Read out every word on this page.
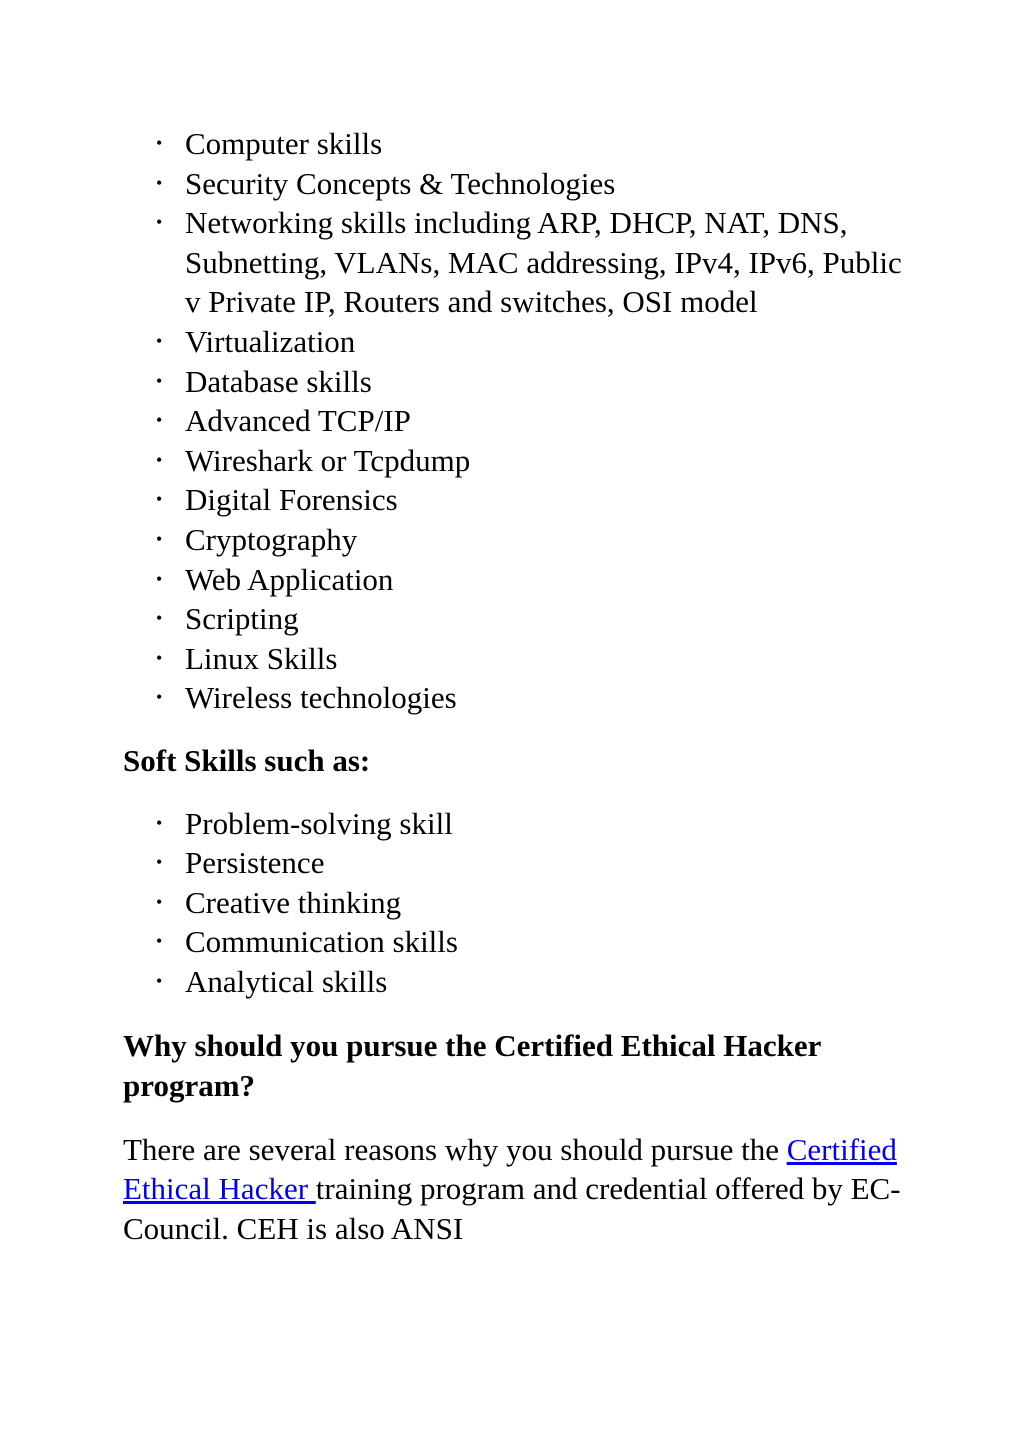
• Computer skills
• Security Concepts & Technologies
• Networking skills including ARP, DHCP, NAT, DNS, Subnetting, VLANs, MAC addressing, IPv4, IPv6, Public v Private IP, Routers and switches, OSI model
• Virtualization
• Database skills
• Advanced TCP/IP
• Wireshark or Tcpdump
• Digital Forensics
• Cryptography
• Web Application
• Scripting
• Linux Skills
• Wireless technologies
Soft Skills such as:
• Problem-solving skill
• Persistence
• Creative thinking
• Communication skills
• Analytical skills
Why should you pursue the Certified Ethical Hacker program?

There are several reasons why you should pursue the Certified Ethical Hacker training program and credential offered by EC-Council. CEH is also ANSI
